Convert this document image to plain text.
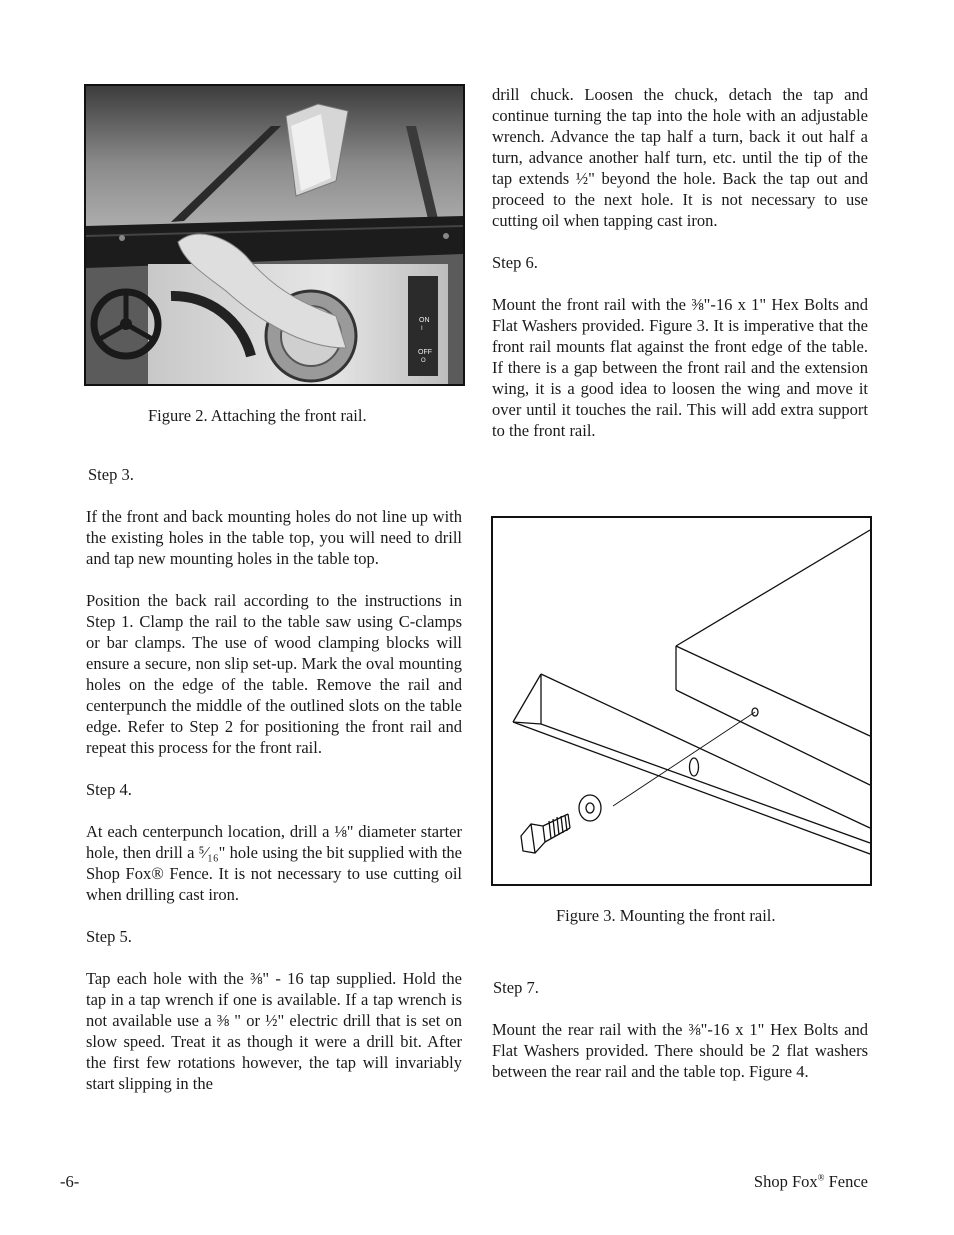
ON
I
OFF
O
Figure 2. Attaching the front rail.

Step 3.

If the front and back mounting holes do not line up with the existing holes in the table top, you will need to drill and tap new mounting holes in the table top.

Position the back rail according to the instructions in Step 1. Clamp the rail to the table saw using C-clamps or bar clamps. The use of wood clamping blocks will ensure a secure, non slip set-up. Mark the oval mounting holes on the edge of the table. Remove the rail and centerpunch the middle of the outlined slots on the table edge. Refer to Step 2 for positioning the front rail and repeat this process for the front rail.

Step 4.

At each centerpunch location, drill a ⅛" diameter starter hole, then drill a ⁵⁄₁₆" hole using the bit supplied with the Shop Fox® Fence. It is not necessary to use cutting oil when drilling cast iron.

Step 5.

Tap each hole with the ⅜" - 16 tap supplied. Hold the tap in a tap wrench if one is available. If a tap wrench is not available use a ⅜ " or ½" electric drill that is set on slow speed. Treat it as though it were a drill bit. After the first few rotations however, the tap will invariably start slipping in the

drill chuck. Loosen the chuck, detach the tap and continue turning the tap into the hole with an adjustable wrench. Advance the tap half a turn, back it out half a turn, advance another half turn, etc. until the tip of the tap extends ½" beyond the hole. Back the tap out and proceed to the next hole. It is not necessary to use cutting oil when tapping cast iron.

Step 6.

Mount the front rail with the ⅜"-16 x 1" Hex Bolts and Flat Washers provided. Figure 3. It is imperative that the front rail mounts flat against the front edge of the table. If there is a gap between the front rail and the extension wing, it is a good idea to loosen the wing and move it over until it touches the rail. This will add extra support to the front rail.

Figure 3. Mounting the front rail.

Step 7.

Mount the rear rail with the ⅜"-16 x 1" Hex Bolts and Flat Washers provided. There should be 2 flat washers between the rear rail and the table top. Figure 4.

-6-	Shop Fox® Fence
